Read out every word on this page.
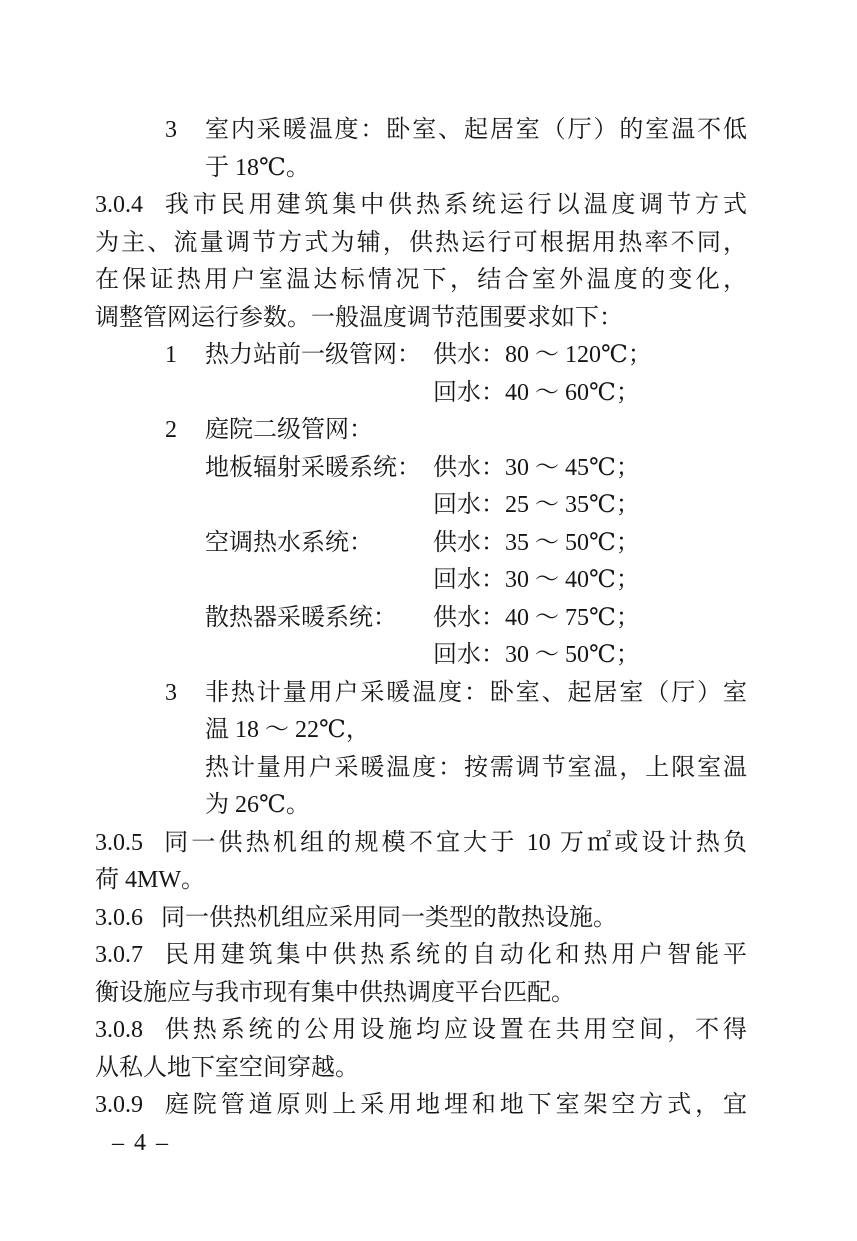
3 室内采暖温度：卧室、起居室（厅）的室温不低
于 18℃。
3.0.4 我市民用建筑集中供热系统运行以温度调节方式
为主、流量调节方式为辅，供热运行可根据用热率不同，
在保证热用户室温达标情况下，结合室外温度的变化，
调整管网运行参数。一般温度调节范围要求如下：
1 热力站前一级管网： 供水：80 ～ 120℃；
回水：40 ～ 60℃；
2 庭院二级管网：
地板辐射采暖系统： 供水：30 ～ 45℃；
回水：25 ～ 35℃；
空调热水系统：	供水：35 ～ 50℃；
回水：30 ～ 40℃；
散热器采暖系统： 供水：40 ～ 75℃；
回水：30 ～ 50℃；
3 非热计量用户采暖温度：卧室、起居室（厅）室
温 18 ～ 22℃，
热计量用户采暖温度：按需调节室温，上限室温
为 26℃。
3.0.5 同一供热机组的规模不宜大于 10 万㎡或设计热负
荷 4MW。
3.0.6 同一供热机组应采用同一类型的散热设施。
3.0.7 民用建筑集中供热系统的自动化和热用户智能平
衡设施应与我市现有集中供热调度平台匹配。
3.0.8 供热系统的公用设施均应设置在共用空间，不得
从私人地下室空间穿越。
3.0.9 庭院管道原则上采用地埋和地下室架空方式，宜
– 4 –
